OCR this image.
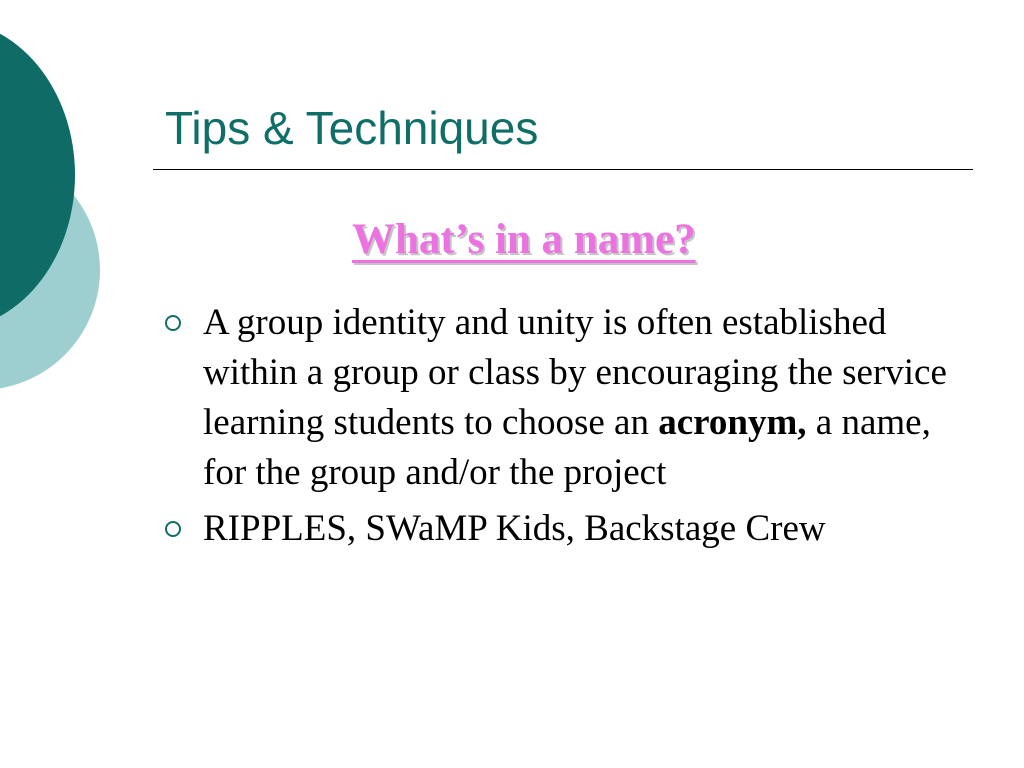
Tips & Techniques
What’s in a name?
A group identity and unity is often established within a group or class by encouraging the service learning students to choose an acronym, a name, for the group and/or the project
RIPPLES, SWaMP Kids, Backstage Crew
